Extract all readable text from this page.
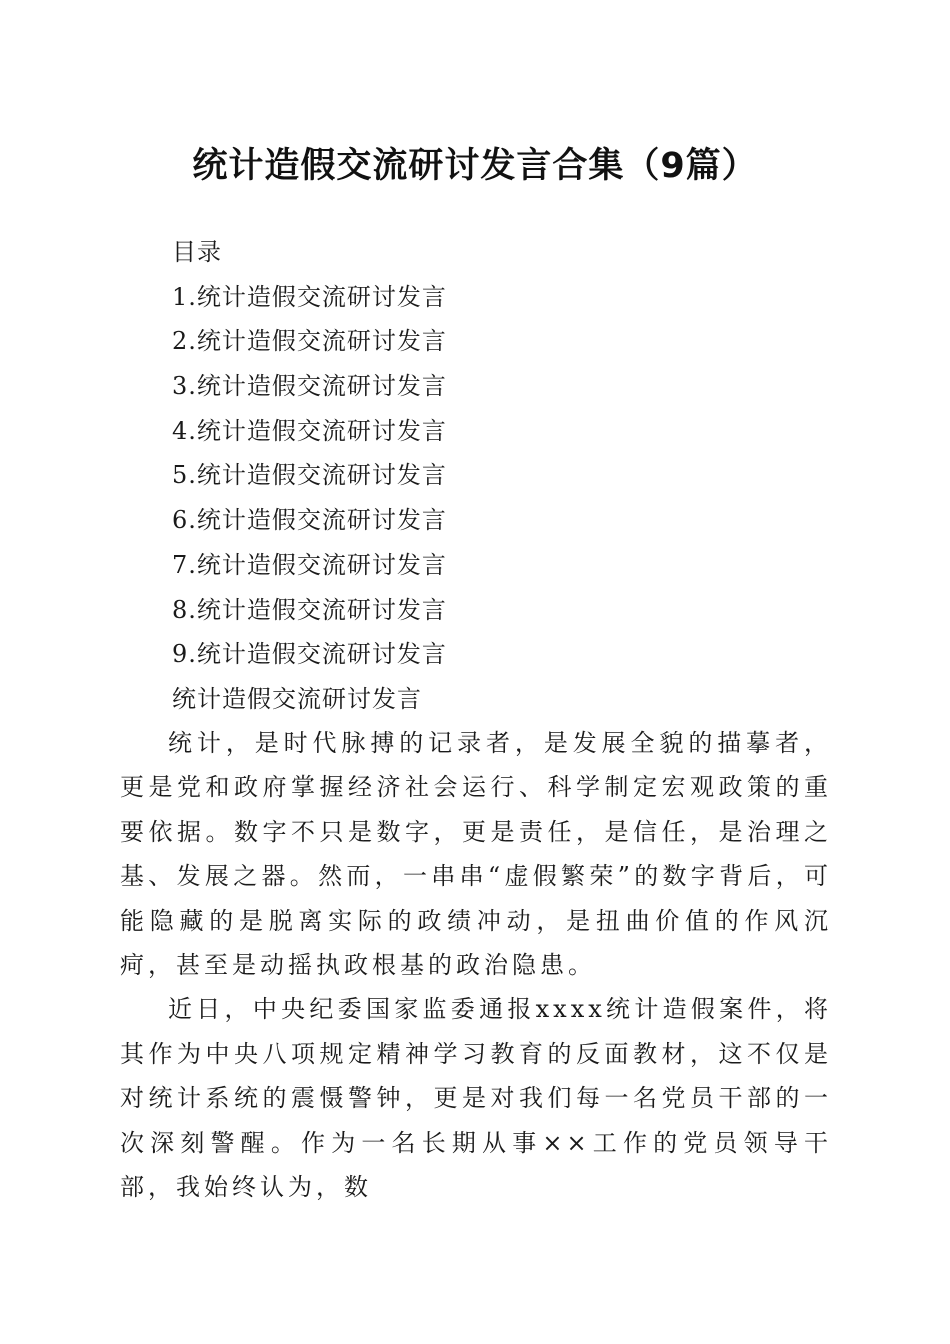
统计造假交流研讨发言合集（9篇）
目录
1.统计造假交流研讨发言
2.统计造假交流研讨发言
3.统计造假交流研讨发言
4.统计造假交流研讨发言
5.统计造假交流研讨发言
6.统计造假交流研讨发言
7.统计造假交流研讨发言
8.统计造假交流研讨发言
9.统计造假交流研讨发言
统计造假交流研讨发言

统计，是时代脉搏的记录者，是发展全貌的描摹者，更是党和政府掌握经济社会运行、科学制定宏观政策的重要依据。数字不只是数字，更是责任，是信任，是治理之基、发展之器。然而，一串串“虚假繁荣”的数字背后，可能隐藏的是脱离实际的政绩冲动，是扭曲价值的作风沉疴，甚至是动摇执政根基的政治隐患。

近日，中央纪委国家监委通报xxxx统计造假案件，将其作为中央八项规定精神学习教育的反面教材，这不仅是对统计系统的震慑警钟，更是对我们每一名党员干部的一次深刻警醒。作为一名长期从事××工作的党员领导干部，我始终认为，数
